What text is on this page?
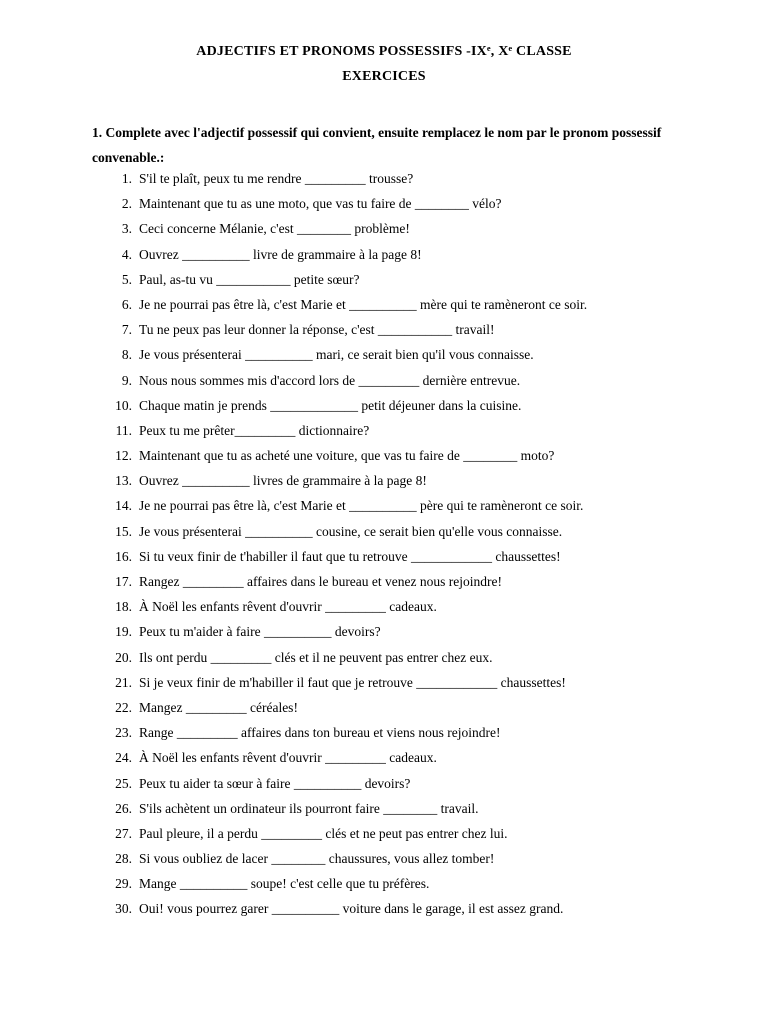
ADJECTIFS ET PRONOMS POSSESSIFS -IXᵉ, Xᵉ CLASSE
EXERCICES
1. Complete avec l'adjectif possessif qui convient, ensuite remplacez le nom par le pronom possessif convenable.:
1. S'il te plaît, peux tu me rendre _________ trousse?
2. Maintenant que tu as une moto, que vas tu faire de ________ vélo?
3. Ceci concerne Mélanie, c'est ________ problème!
4. Ouvrez __________ livre de grammaire à la page 8!
5. Paul, as-tu vu ___________ petite sœur?
6. Je ne pourrai pas être là, c'est Marie et __________ mère qui te ramèneront ce soir.
7. Tu ne peux pas leur donner la réponse, c'est ___________ travail!
8. Je vous présenterai __________ mari, ce serait bien qu'il vous connaisse.
9. Nous nous sommes mis d'accord lors de _________ dernière entrevue.
10. Chaque matin je prends _____________ petit déjeuner dans la cuisine.
11. Peux tu me prêter_________ dictionnaire?
12. Maintenant que tu as acheté une voiture, que vas tu faire de ________ moto?
13. Ouvrez __________ livres de grammaire à la page 8!
14. Je ne pourrai pas être là, c'est Marie et __________ père qui te ramèneront ce soir.
15. Je vous présenterai __________ cousine, ce serait bien qu'elle vous connaisse.
16. Si tu veux finir de t'habiller il faut que tu retrouve ____________ chaussettes!
17. Rangez _________ affaires dans le bureau et venez nous rejoindre!
18. À Noël les enfants rêvent d'ouvrir _________ cadeaux.
19. Peux tu m'aider à faire __________ devoirs?
20. Ils ont perdu _________ clés et il ne peuvent pas entrer chez eux.
21. Si je veux finir de m'habiller il faut que je retrouve ____________ chaussettes!
22. Mangez _________ céréales!
23. Range _________ affaires dans ton bureau et viens nous rejoindre!
24. À Noël les enfants rêvent d'ouvrir _________ cadeaux.
25. Peux tu aider ta sœur à faire __________ devoirs?
26. S'ils achètent un ordinateur ils pourront faire ________ travail.
27. Paul pleure, il a perdu _________ clés et ne peut pas entrer chez lui.
28. Si vous oubliez de lacer ________ chaussures, vous allez tomber!
29. Mange __________ soupe! c'est celle que tu préfères.
30. Oui! vous pourrez garer __________ voiture dans le garage, il est assez grand.
